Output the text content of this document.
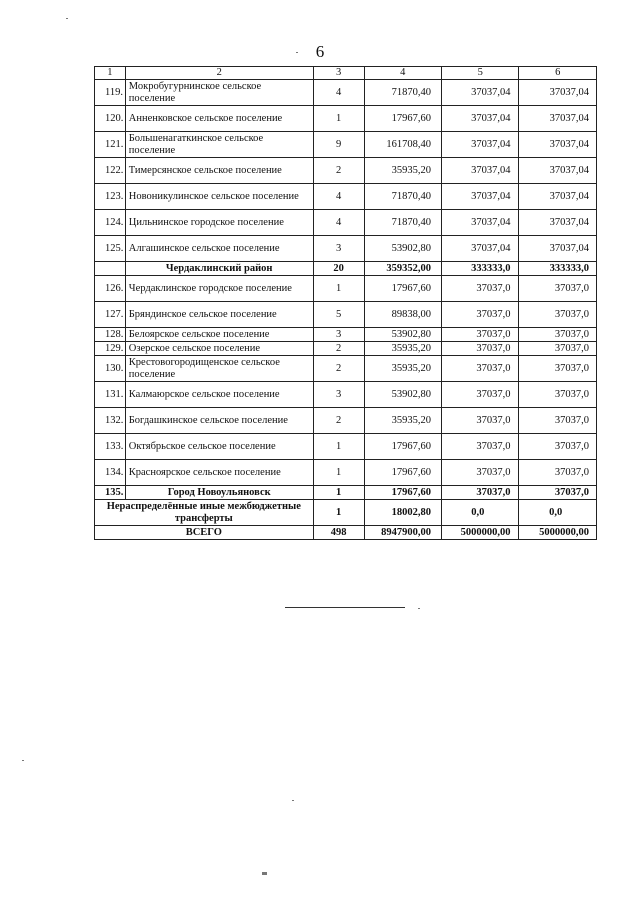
6
1	2	3	4	5	6
119.	Мокробугурнинское сельское поселение	4	71870,40	37037,04	37037,04
120.	Анненковское сельское поселение	1	17967,60	37037,04	37037,04
121.	Большенагаткинское сельское поселение	9	161708,40	37037,04	37037,04
122.	Тимерсянское сельское поселение	2	35935,20	37037,04	37037,04
123.	Новоникулинское сельское поселение	4	71870,40	37037,04	37037,04
124.	Цильнинское городское поселение	4	71870,40	37037,04	37037,04
125.	Алгашинское сельское поселение	3	53902,80	37037,04	37037,04
	Чердаклинский район	20	359352,00	333333,0	333333,0
126.	Чердаклинское городское поселение	1	17967,60	37037,0	37037,0
127.	Бряндинское сельское поселение	5	89838,00	37037,0	37037,0
128.	Белоярское сельское поселение	3	53902,80	37037,0	37037,0
129.	Озерское сельское поселение	2	35935,20	37037,0	37037,0
130.	Крестовогородищенское сельское поселение	2	35935,20	37037,0	37037,0
131.	Калмаюрское сельское поселение	3	53902,80	37037,0	37037,0
132.	Богдашкинское сельское поселение	2	35935,20	37037,0	37037,0
133.	Октябрьское сельское поселение	1	17967,60	37037,0	37037,0
134.	Красноярское сельское поселение	1	17967,60	37037,0	37037,0
135.	Город Новоульяновск	1	17967,60	37037,0	37037,0
Нераспределённые иные межбюджетные трансферты		1	18002,80	0,0	0,0
ВСЕГО		498	8947900,00	5000000,00	5000000,00
